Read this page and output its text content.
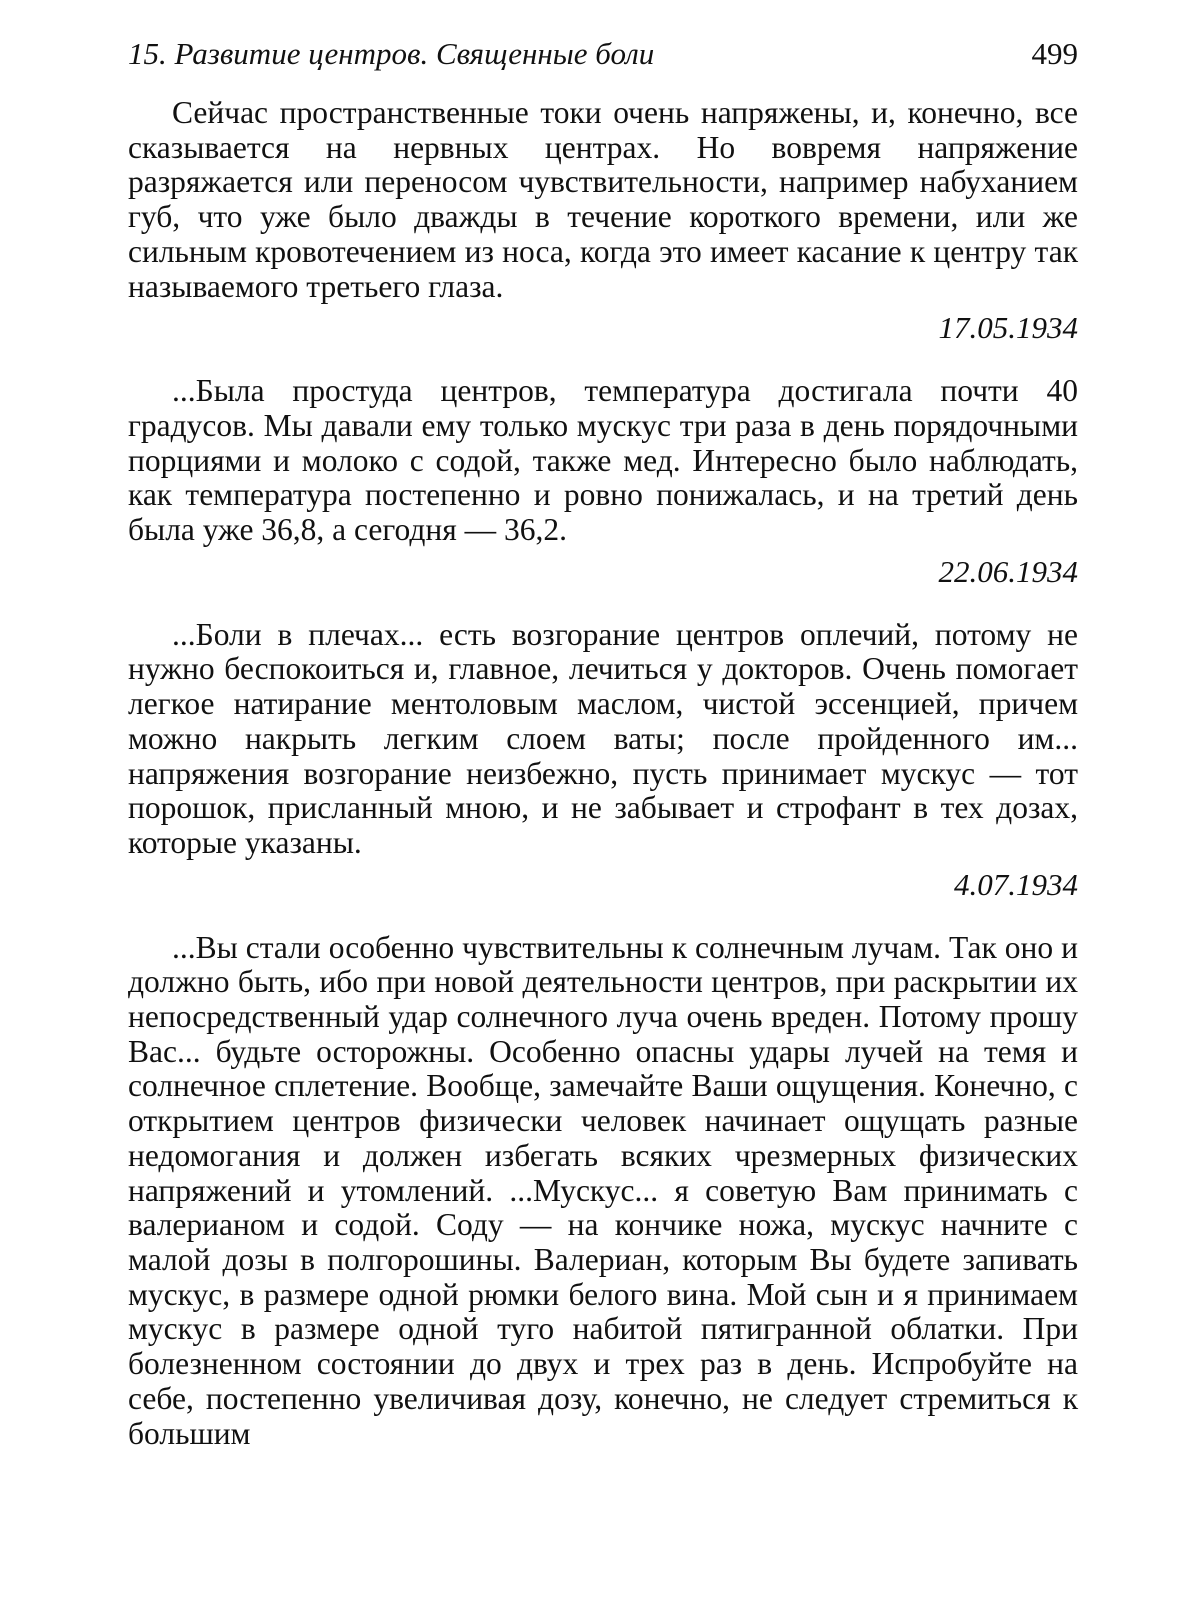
15. Развитие центров. Священные боли	499

Сейчас пространственные токи очень напряжены, и, конечно, все сказывается на нервных центрах. Но вовремя напряжение разряжается или переносом чувствительности, например набуханием губ, что уже было дважды в течение короткого времени, или же сильным кровотечением из носа, когда это имеет касание к центру так называемого третьего глаза.

17.05.1934

...Была простуда центров, температура достигала почти 40 градусов. Мы давали ему только мускус три раза в день порядочными порциями и молоко с содой, также мед. Интересно было наблюдать, как температура постепенно и ровно понижалась, и на третий день была уже 36,8, а сегодня — 36,2.

22.06.1934

...Боли в плечах... есть возгорание центров оплечий, потому не нужно беспокоиться и, главное, лечиться у докторов. Очень помогает легкое натирание ментоловым маслом, чистой эссенцией, причем можно накрыть легким слоем ваты; после пройденного им... напряжения возгорание неизбежно, пусть принимает мускус — тот порошок, присланный мною, и не забывает и строфант в тех дозах, которые указаны.

4.07.1934

...Вы стали особенно чувствительны к солнечным лучам. Так оно и должно быть, ибо при новой деятельности центров, при раскрытии их непосредственный удар солнечного луча очень вреден. Потому прошу Вас... будьте осторожны. Особенно опасны удары лучей на темя и солнечное сплетение. Вообще, замечайте Ваши ощущения. Конечно, с открытием центров физически человек начинает ощущать разные недомогания и должен избегать всяких чрезмерных физических напряжений и утомлений. ...Мускус... я советую Вам принимать с валерианом и содой. Соду — на кончике ножа, мускус начните с малой дозы в полгорошины. Валериан, которым Вы будете запивать мускус, в размере одной рюмки белого вина. Мой сын и я принимаем мускус в размере одной туго набитой пятигранной облатки. При болезненном состоянии до двух и трех раз в день. Испробуйте на себе, постепенно увеличивая дозу, конечно, не следует стремиться к большим
